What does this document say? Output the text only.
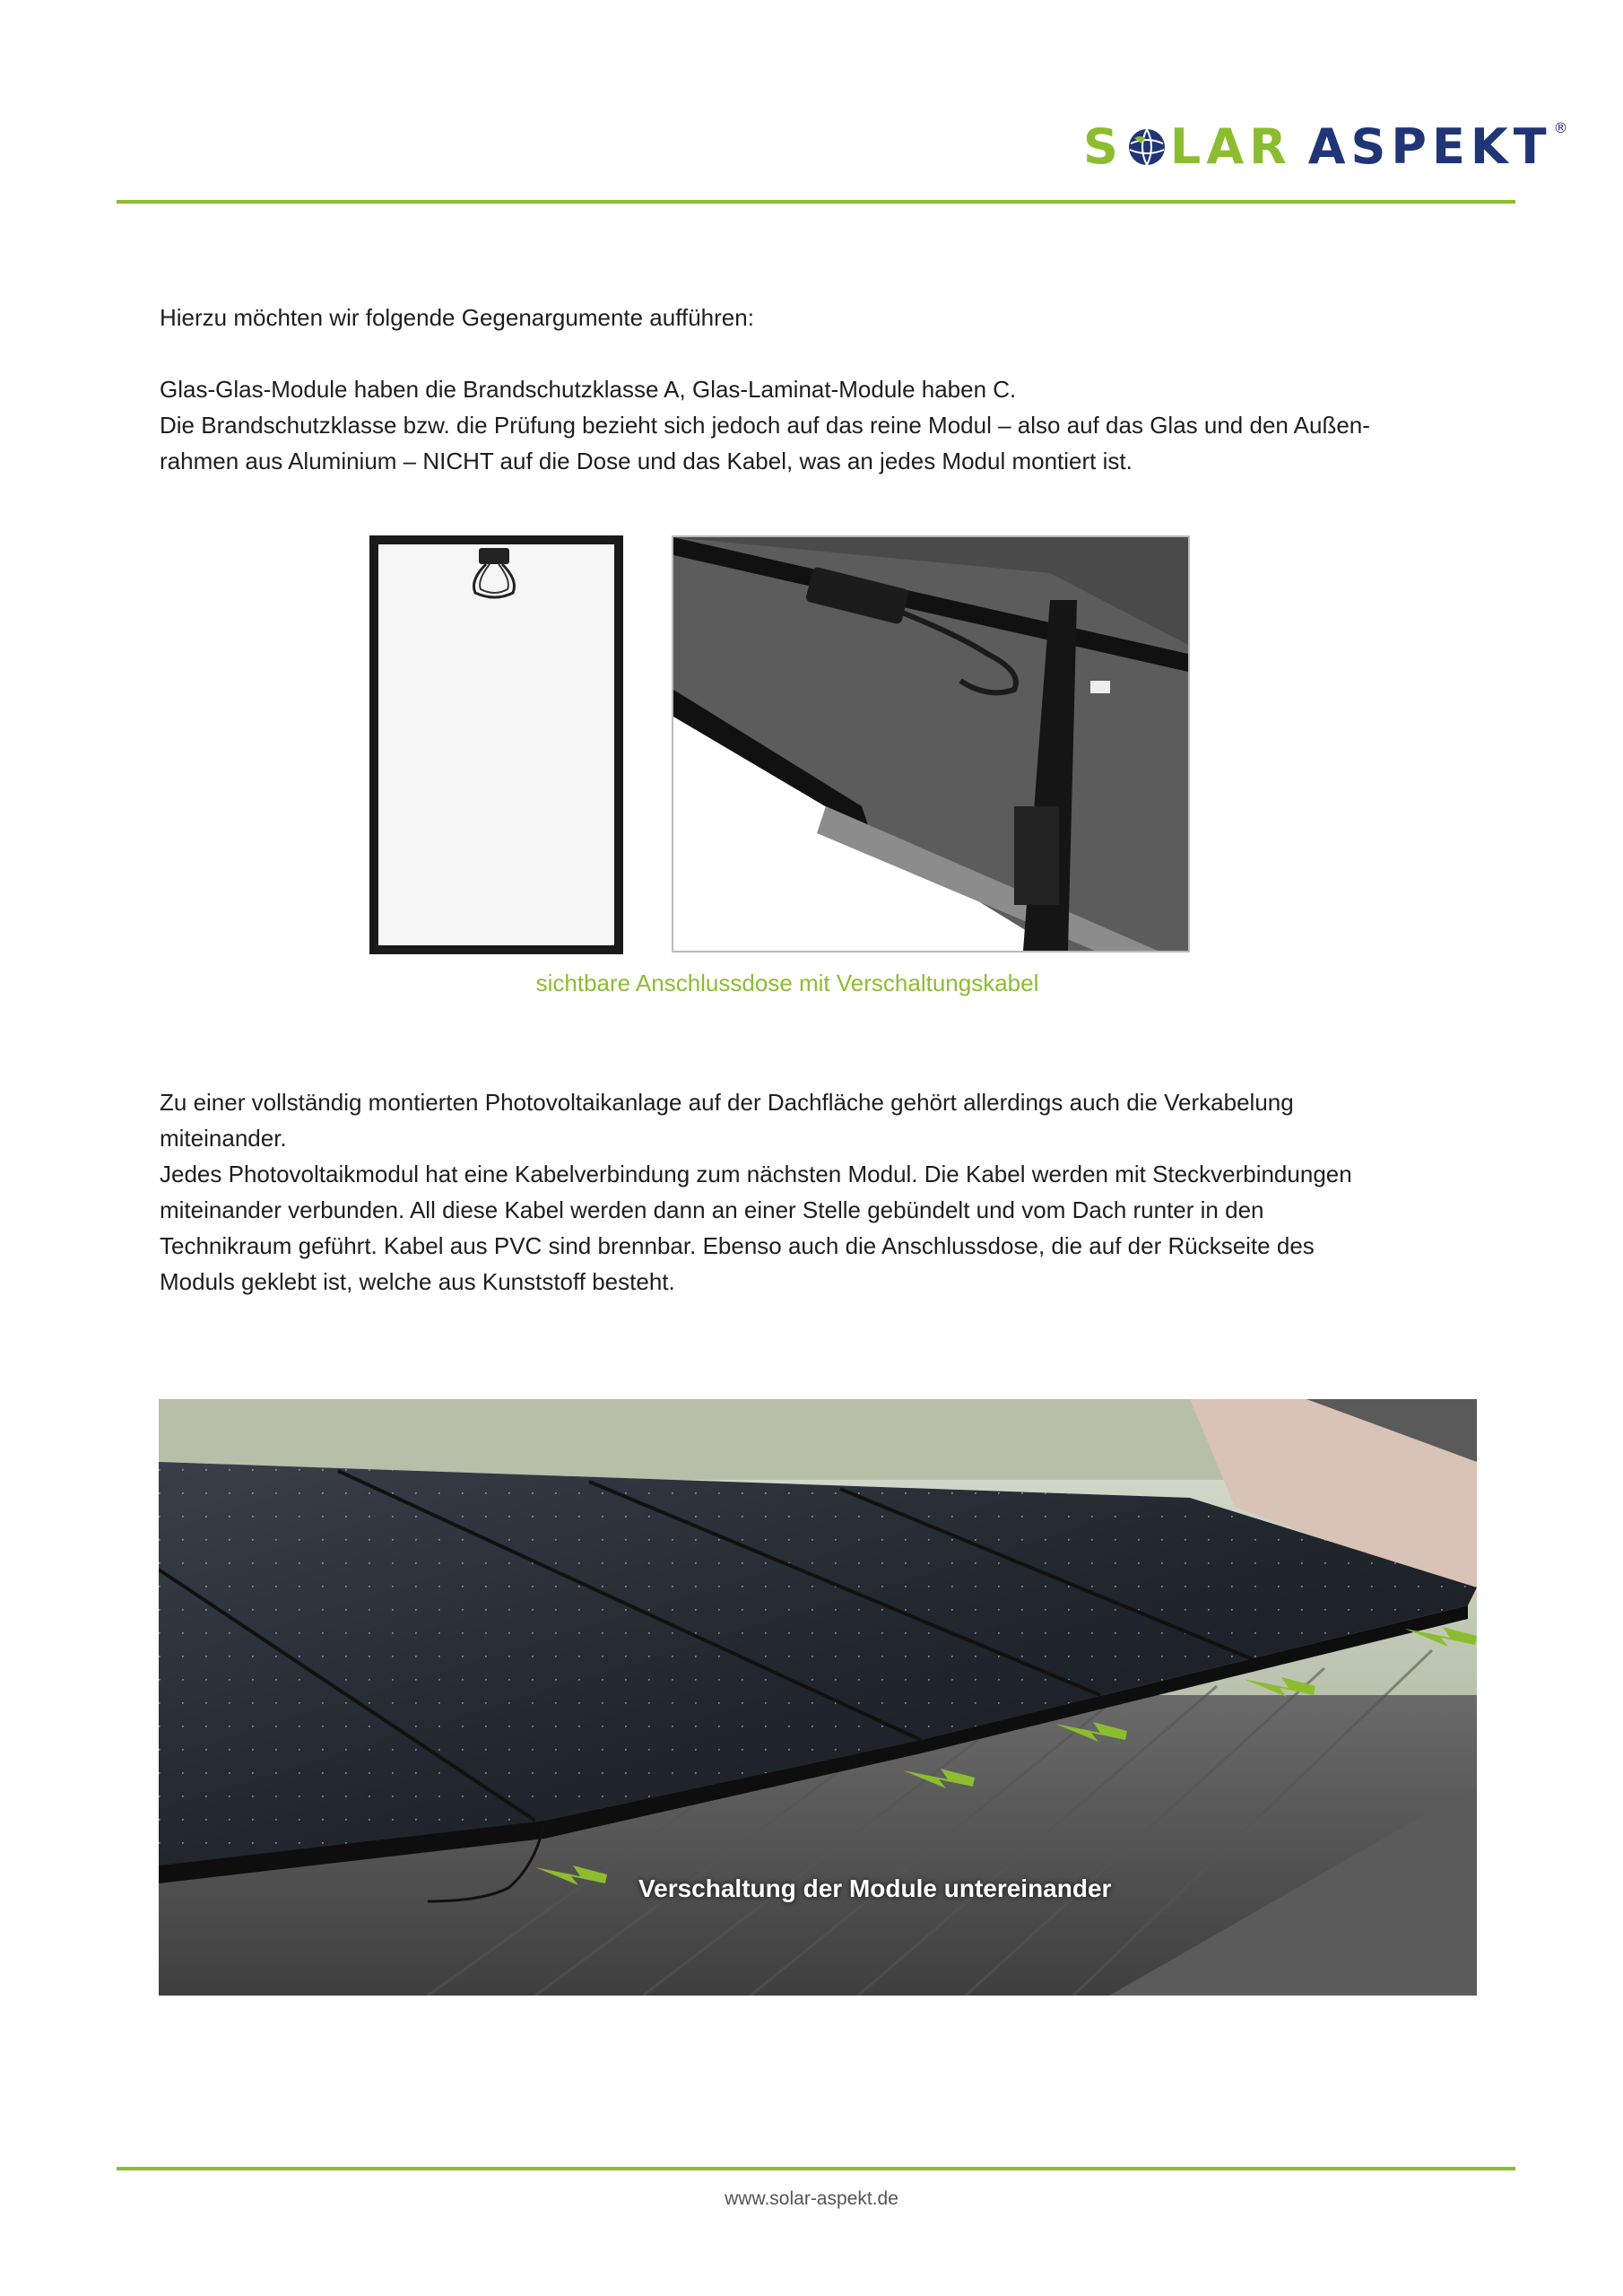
S LAR ASPEKT ®

Hierzu möchten wir folgende Gegenargumente aufführen:

Glas-Glas-Module haben die Brandschutzklasse A, Glas-Laminat-Module haben C.

Die Brandschutzklasse bzw. die Prüfung bezieht sich jedoch auf das reine Modul – also auf das Glas und den Außen-

rahmen aus Aluminium – NICHT auf die Dose und das Kabel, was an jedes Modul montiert ist.

sichtbare Anschlussdose mit Verschaltungskabel

Zu einer vollständig montierten Photovoltaikanlage auf der Dachfläche gehört allerdings auch die Verkabelung

miteinander.

Jedes Photovoltaikmodul hat eine Kabelverbindung zum nächsten Modul. Die Kabel werden mit Steckverbindungen

miteinander verbunden. All diese Kabel werden dann an einer Stelle gebündelt und vom Dach runter in den

Technikraum geführt. Kabel aus PVC sind brennbar. Ebenso auch die Anschlussdose, die auf der Rückseite des

Moduls geklebt ist, welche aus Kunststoff besteht.

Verschaltung der Module untereinander
www.solar-aspekt.de
